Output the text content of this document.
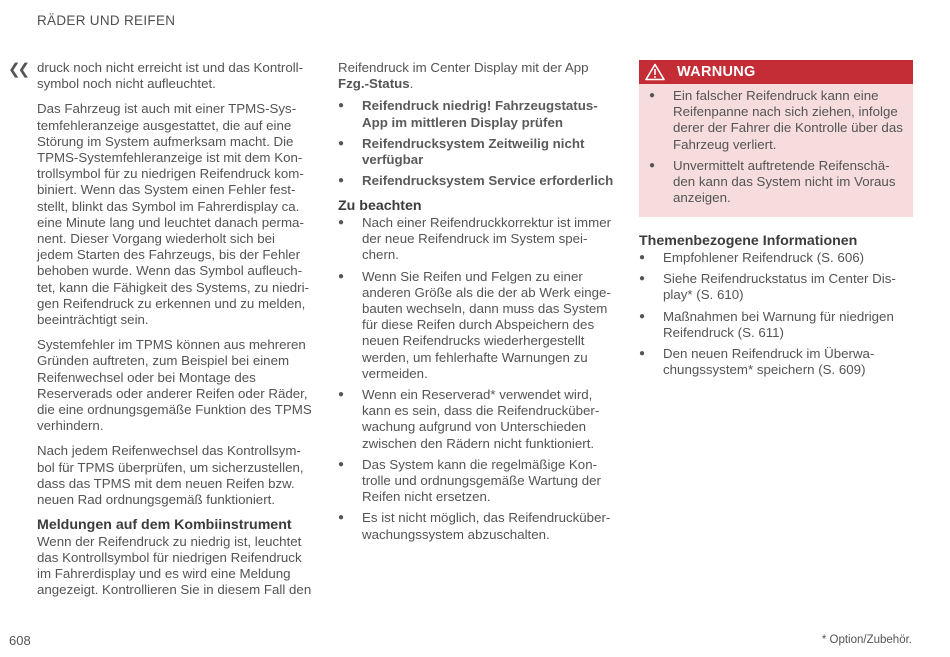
RÄDER UND REIFEN
❮❮ druck noch nicht erreicht ist und das Kontrollsymbol noch nicht aufleuchtet.

Das Fahrzeug ist auch mit einer TPMS-Systemfehleranzeige ausgestattet, die auf eine Störung im System aufmerksam macht. Die TPMS-Systemfehleranzeige ist mit dem Kontrollsymbol für zu niedrigen Reifendruck kombiniert. Wenn das System einen Fehler feststellt, blinkt das Symbol im Fahrerdisplay ca. eine Minute lang und leuchtet danach permanent. Dieser Vorgang wiederholt sich bei jedem Starten des Fahrzeugs, bis der Fehler behoben wurde. Wenn das Symbol aufleuchtet, kann die Fähigkeit des Systems, zu niedrigen Reifendruck zu erkennen und zu melden, beeinträchtigt sein.

Systemfehler im TPMS können aus mehreren Gründen auftreten, zum Beispiel bei einem Reifenwechsel oder bei Montage des Reserverads oder anderer Reifen oder Räder, die eine ordnungsgemäße Funktion des TPMS verhindern.

Nach jedem Reifenwechsel das Kontrollsymbol für TPMS überprüfen, um sicherzustellen, dass das TPMS mit dem neuen Reifen bzw. neuen Rad ordnungsgemäß funktioniert.

Meldungen auf dem Kombiinstrument

Wenn der Reifendruck zu niedrig ist, leuchtet das Kontrollsymbol für niedrigen Reifendruck im Fahrerdisplay und es wird eine Meldung angezeigt. Kontrollieren Sie in diesem Fall den

Reifendruck im Center Display mit der App Fzg.-Status.

● Reifendruck niedrig! Fahrzeugstatus-App im mittleren Display prüfen
● Reifendrucksystem Zeitweilig nicht verfügbar
● Reifendrucksystem Service erforderlich
Zu beachten
● Nach einer Reifendruckkorrektur ist immer der neue Reifendruck im System speichern.
● Wenn Sie Reifen und Felgen zu einer anderen Größe als die der ab Werk eingebauten wechseln, dann muss das System für diese Reifen durch Abspeichern des neuen Reifendrucks wiederhergestellt werden, um fehlerhafte Warnungen zu vermeiden.
● Wenn ein Reserverad* verwendet wird, kann es sein, dass die Reifendrucküberwachung aufgrund von Unterschieden zwischen den Rädern nicht funktioniert.
● Das System kann die regelmäßige Kontrolle und ordnungsgemäße Wartung der Reifen nicht ersetzen.
● Es ist nicht möglich, das Reifendrucküberwachungssystem abzuschalten.
WARNUNG
● Ein falscher Reifendruck kann eine Reifenpanne nach sich ziehen, infolge derer der Fahrer die Kontrolle über das Fahrzeug verliert.
● Unvermittelt auftretende Reifenschäden kann das System nicht im Voraus anzeigen.
Themenbezogene Informationen
● Empfohlener Reifendruck (S. 606)
● Siehe Reifendruckstatus im Center Display* (S. 610)
● Maßnahmen bei Warnung für niedrigen Reifendruck (S. 611)
● Den neuen Reifendruck im Überwachungssystem* speichern (S. 609)
608	* Option/Zubehör.
